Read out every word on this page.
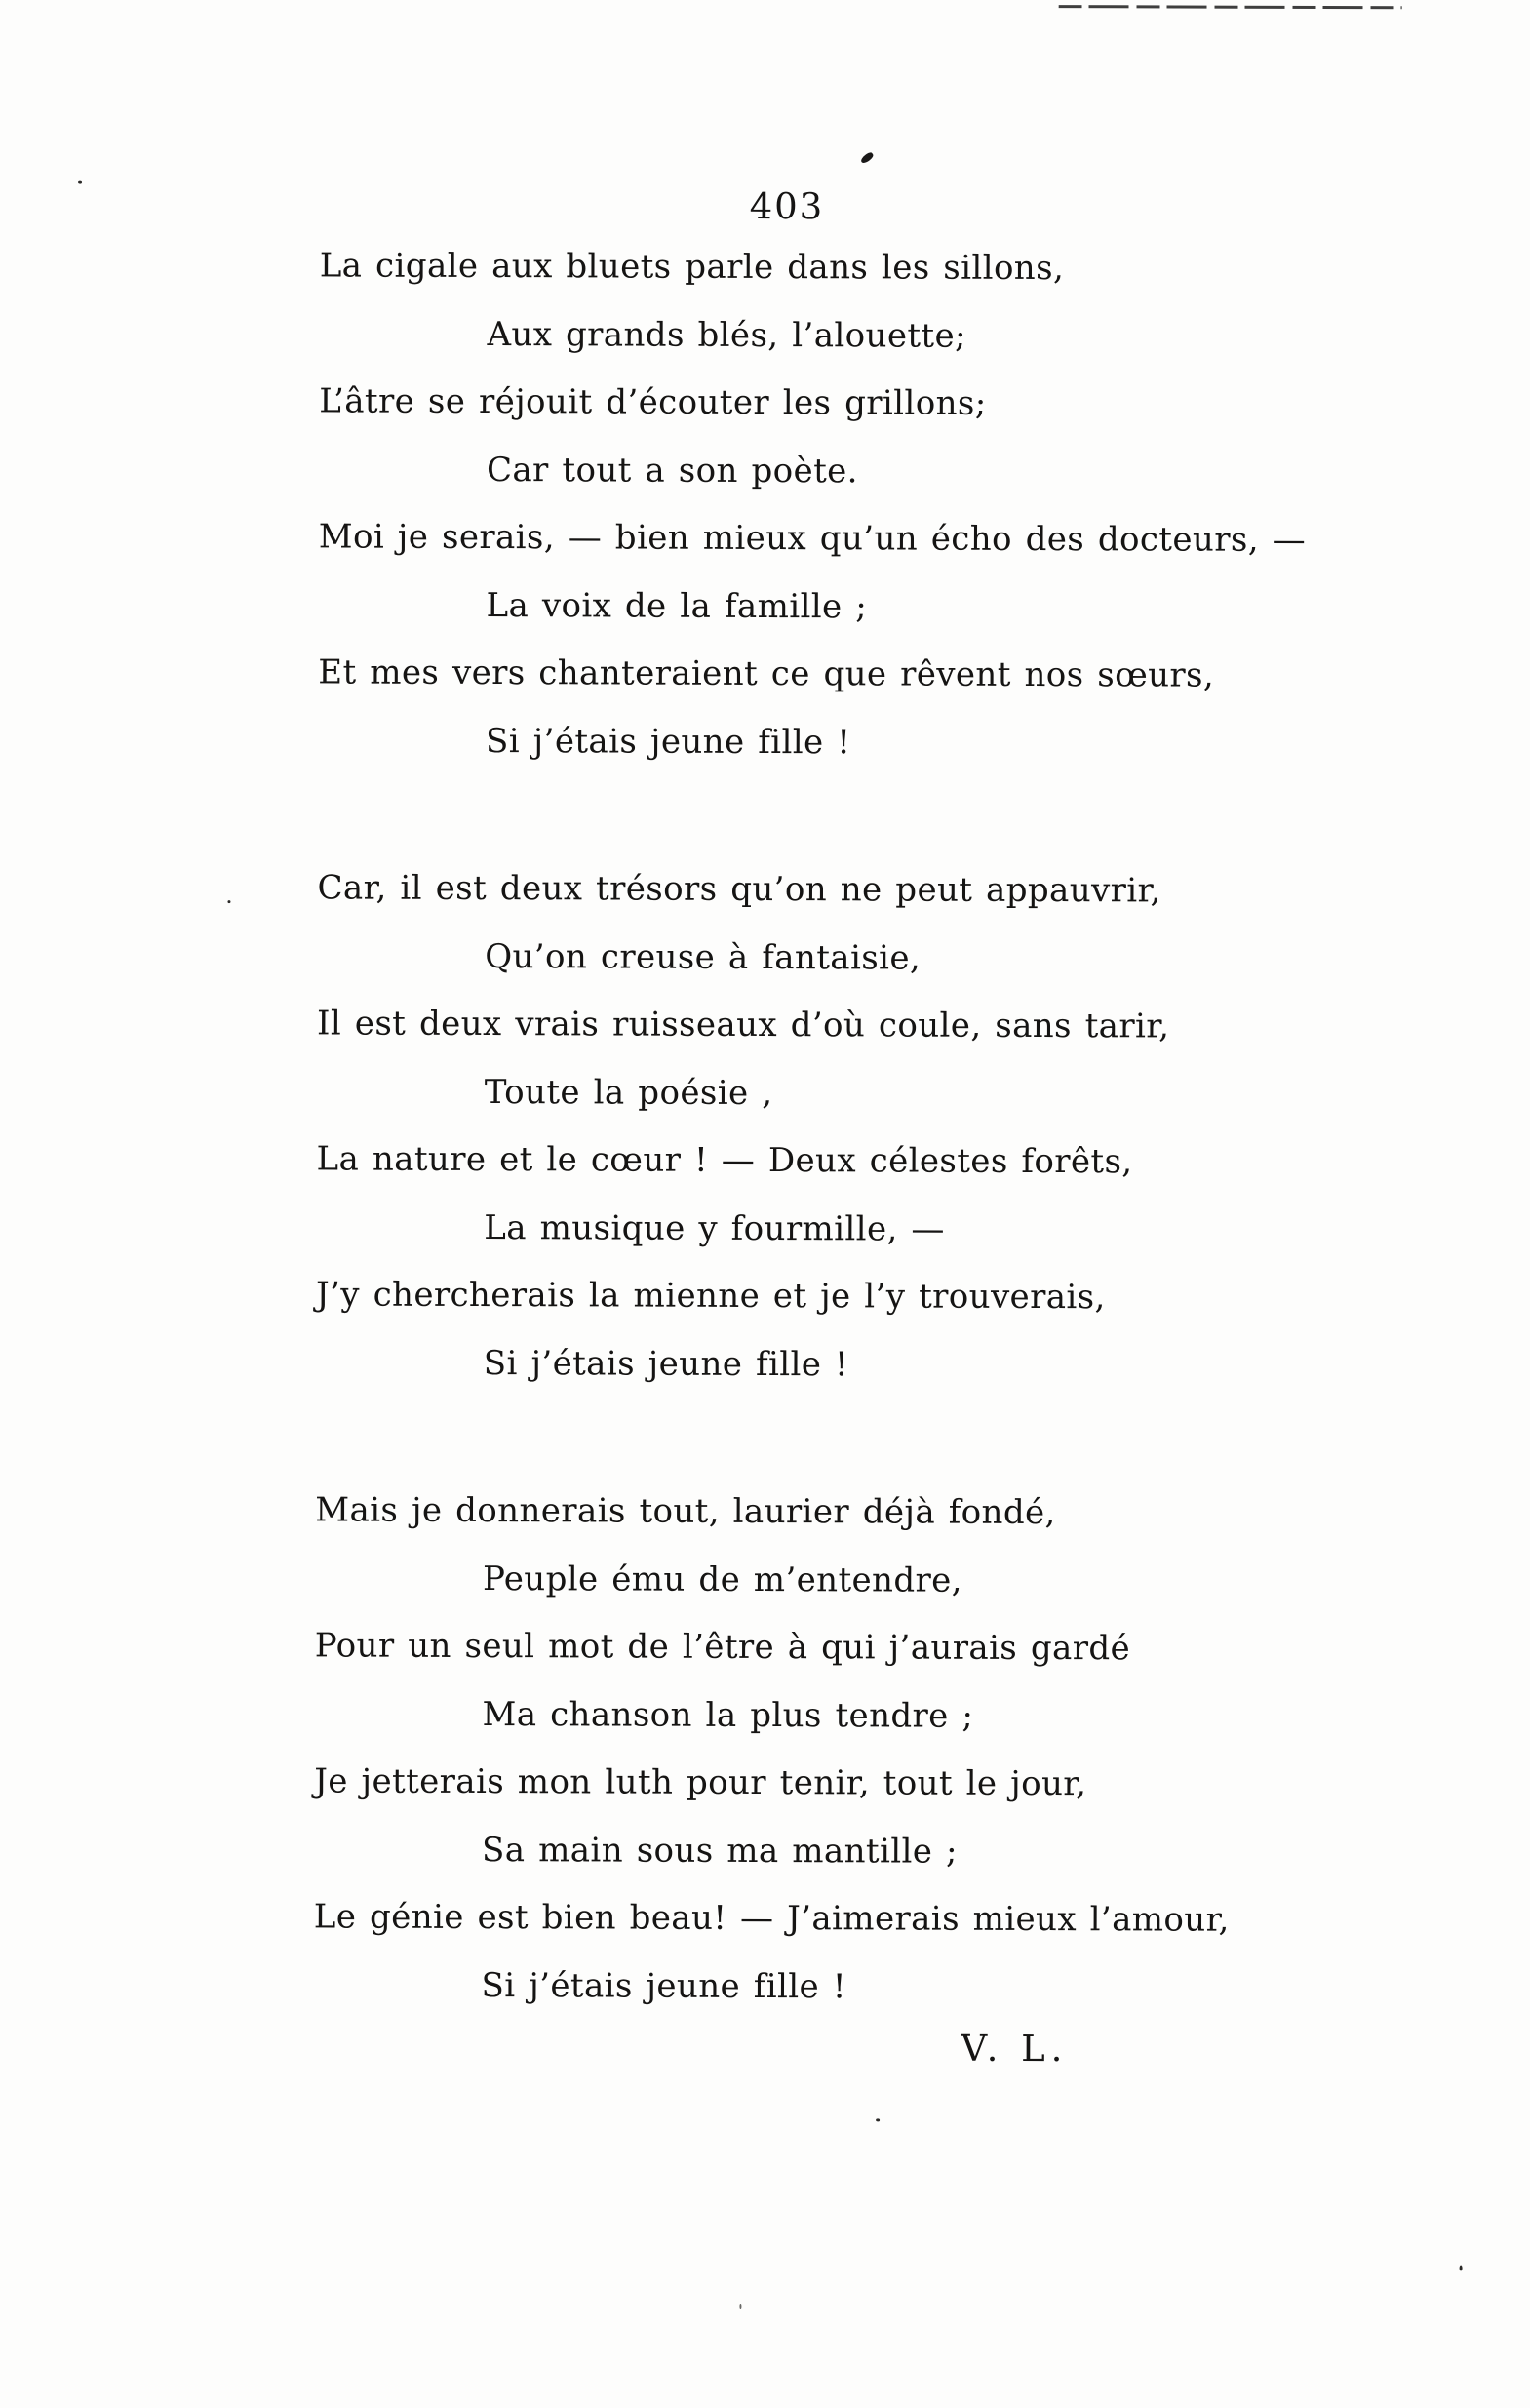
403
La cigale aux bluets parle dans les sillons,
Aux grands blés, l’alouette;
L’âtre se réjouit d’écouter les grillons;
Car tout a son poète.
Moi je serais, — bien mieux qu’un écho des docteurs, —
La voix de la famille ;
Et mes vers chanteraient ce que rêvent nos sœurs,
Si j’étais jeune fille !
Car, il est deux trésors qu’on ne peut appauvrir,
Qu’on creuse à fantaisie,
Il est deux vrais ruisseaux d’où coule, sans tarir,
Toute la poésie ,
La nature et le cœur ! — Deux célestes forêts,
La musique y fourmille, —
J’y chercherais la mienne et je l’y trouverais,
Si j’étais jeune fille !
Mais je donnerais tout, laurier déjà fondé,
Peuple ému de m’entendre,
Pour un seul mot de l’être à qui j’aurais gardé
Ma chanson la plus tendre ;
Je jetterais mon luth pour tenir, tout le jour,
Sa main sous ma mantille ;
Le génie est bien beau! — J’aimerais mieux l’amour,
Si j’étais jeune fille !
V. L.
